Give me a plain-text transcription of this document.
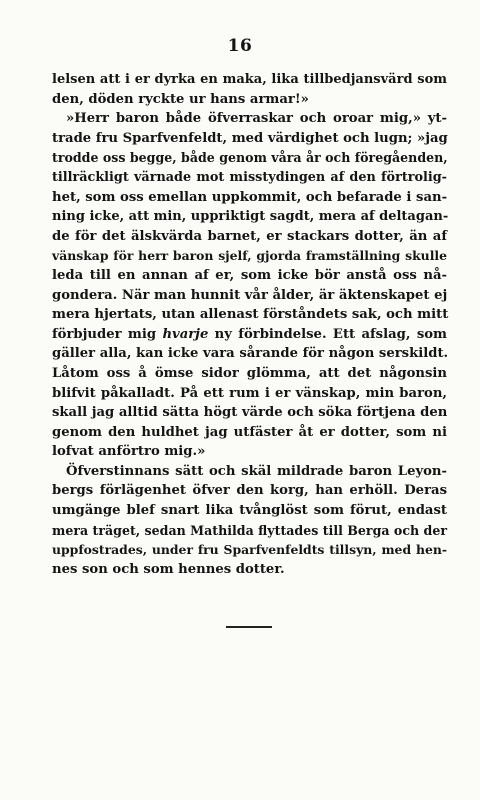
16
lelsen att i er dyrka en maka, lika tillbedjansvärd som
den, döden ryckte ur hans armar!»
»Herr baron både öfverraskar och oroar mig,» yt-
trade fru Sparfvenfeldt, med värdighet och lugn; »jag
trodde oss begge, både genom våra år och föregåenden,
tillräckligt värnade mot misstydingen af den förtrolig-
het, som oss emellan uppkommit, och befarade i san-
ning icke, att min, uppriktigt sagdt, mera af deltagan-
de för det älskvärda barnet, er stackars dotter, än af
vänskap för herr baron sjelf, gjorda framställning skulle
leda till en annan af er, som icke bör anstå oss nå-
gondera. När man hunnit vår ålder, är äktenskapet ej
mera hjertats, utan allenast förståndets sak, och mitt
förbjuder mig hvarje ny förbindelse. Ett afslag, som
gäller alla, kan icke vara sårande för någon serskildt.
Låtom oss å ömse sidor glömma, att det någonsin
blifvit påkalladt. På ett rum i er vänskap, min baron,
skall jag alltid sätta högt värde och söka förtjena den
genom den huldhet jag utfäster åt er dotter, som ni
lofvat anförtro mig.»
Öfverstinnans sätt och skäl mildrade baron Leyon-
bergs förlägenhet öfver den korg, han erhöll. Deras
umgänge blef snart lika tvånglöst som förut, endast
mera träget, sedan Mathilda flyttades till Berga och der
uppfostrades, under fru Sparfvenfeldts tillsyn, med hen-
nes son och som hennes dotter.
